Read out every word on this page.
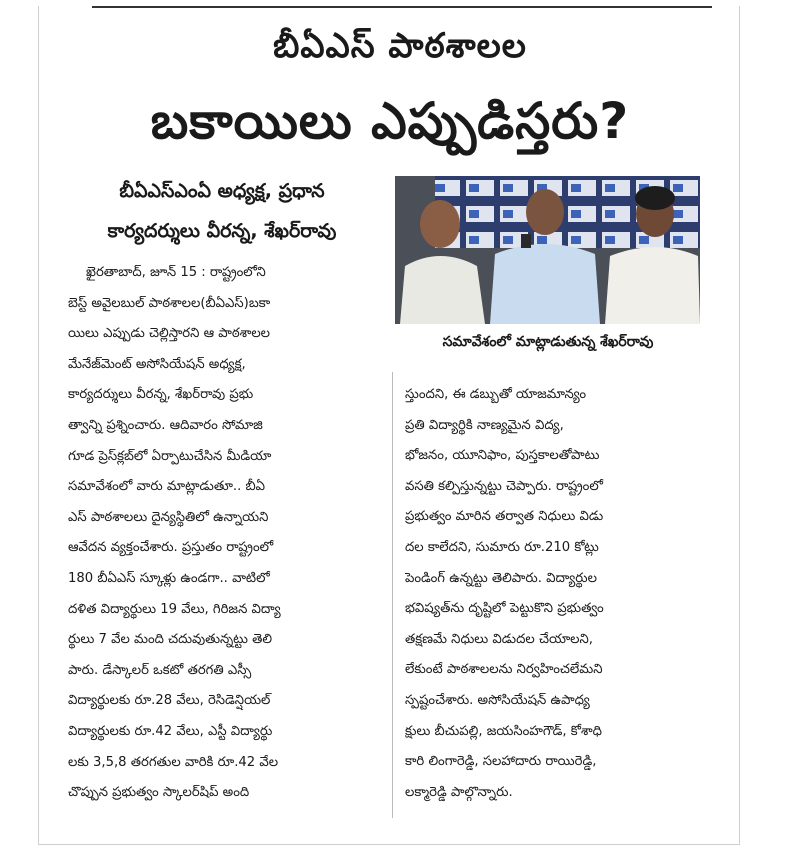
బీఏఎస్ పాఠశాలల
బకాయిలు ఎప్పుడిస్తరు?
బీఏఎస్ఎంఏ అధ్యక్ష, ప్రధాన
కార్యదర్శులు వీరన్న, శేఖర్‌రావు
సమావేశంలో మాట్లాడుతున్న శేఖర్‌రావు
ఖైరతాబాద్, జూన్ 15 : రాష్ట్రంలోని
బెస్ట్ అవైలబుల్ పాఠశాలల(బీఏఎస్)బకా
యిలు ఎప్పుడు చెల్లిస్తారని ఆ పాఠశాలల
మేనేజ్‌మెంట్ అసోసియేషన్ అధ్యక్ష,
కార్యదర్శులు వీరన్న, శేఖర్‌రావు ప్రభు
త్వాన్ని ప్రశ్నించారు. ఆదివారం సోమాజి
గూడ ప్రెస్‌క్లబ్‌లో ఏర్పాటుచేసిన మీడియా
సమావేశంలో వారు మాట్లాడుతూ.. బీఏ
ఎస్ పాఠశాలలు దైన్యస్థితిలో ఉన్నాయని
ఆవేదన వ్యక్తంచేశారు. ప్రస్తుతం రాష్ట్రంలో
180 బీఏఎస్ స్కూళ్లు ఉండగా.. వాటిలో
దళిత విద్యార్థులు 19 వేలు, గిరిజన విద్యా
ర్థులు 7 వేల మంది చదువుతున్నట్టు తెలి
పారు. డేస్కాలర్ ఒకటో తరగతి ఎస్సీ
విద్యార్థులకు రూ.28 వేలు, రెసిడెన్షియల్
విద్యార్థులకు రూ.42 వేలు, ఎస్టీ విద్యార్థు
లకు 3,5,8 తరగతుల వారికి రూ.42 వేల
చొప్పున ప్రభుత్వం స్కాలర్‌షిప్ అంది
స్తుందని, ఈ డబ్బుతో యాజమాన్యం
ప్రతి విద్యార్థికి నాణ్యమైన విద్య,
భోజనం, యూనిఫాం, పుస్తకాలతోపాటు
వసతి కల్పిస్తున్నట్టు చెప్పారు. రాష్ట్రంలో
ప్రభుత్వం మారిన తర్వాత నిధులు విడు
దల కాలేదని, సుమారు రూ.210 కోట్లు
పెండింగ్ ఉన్నట్టు తెలిపారు. విద్యార్థుల
భవిష్యత్‌ను దృష్టిలో పెట్టుకొని ప్రభుత్వం
తక్షణమే నిధులు విడుదల చేయాలని,
లేకుంటే పాఠశాలలను నిర్వహించలేమని
స్పష్టంచేశారు. అసోసియేషన్ ఉపాధ్య
క్షులు బీచుపల్లి, జయసింహగౌడ్, కోశాధి
కారి లింగారెడ్డి, సలహాదారు రాయిరెడ్డి,
లక్మారెడ్డి పాల్గొన్నారు.
